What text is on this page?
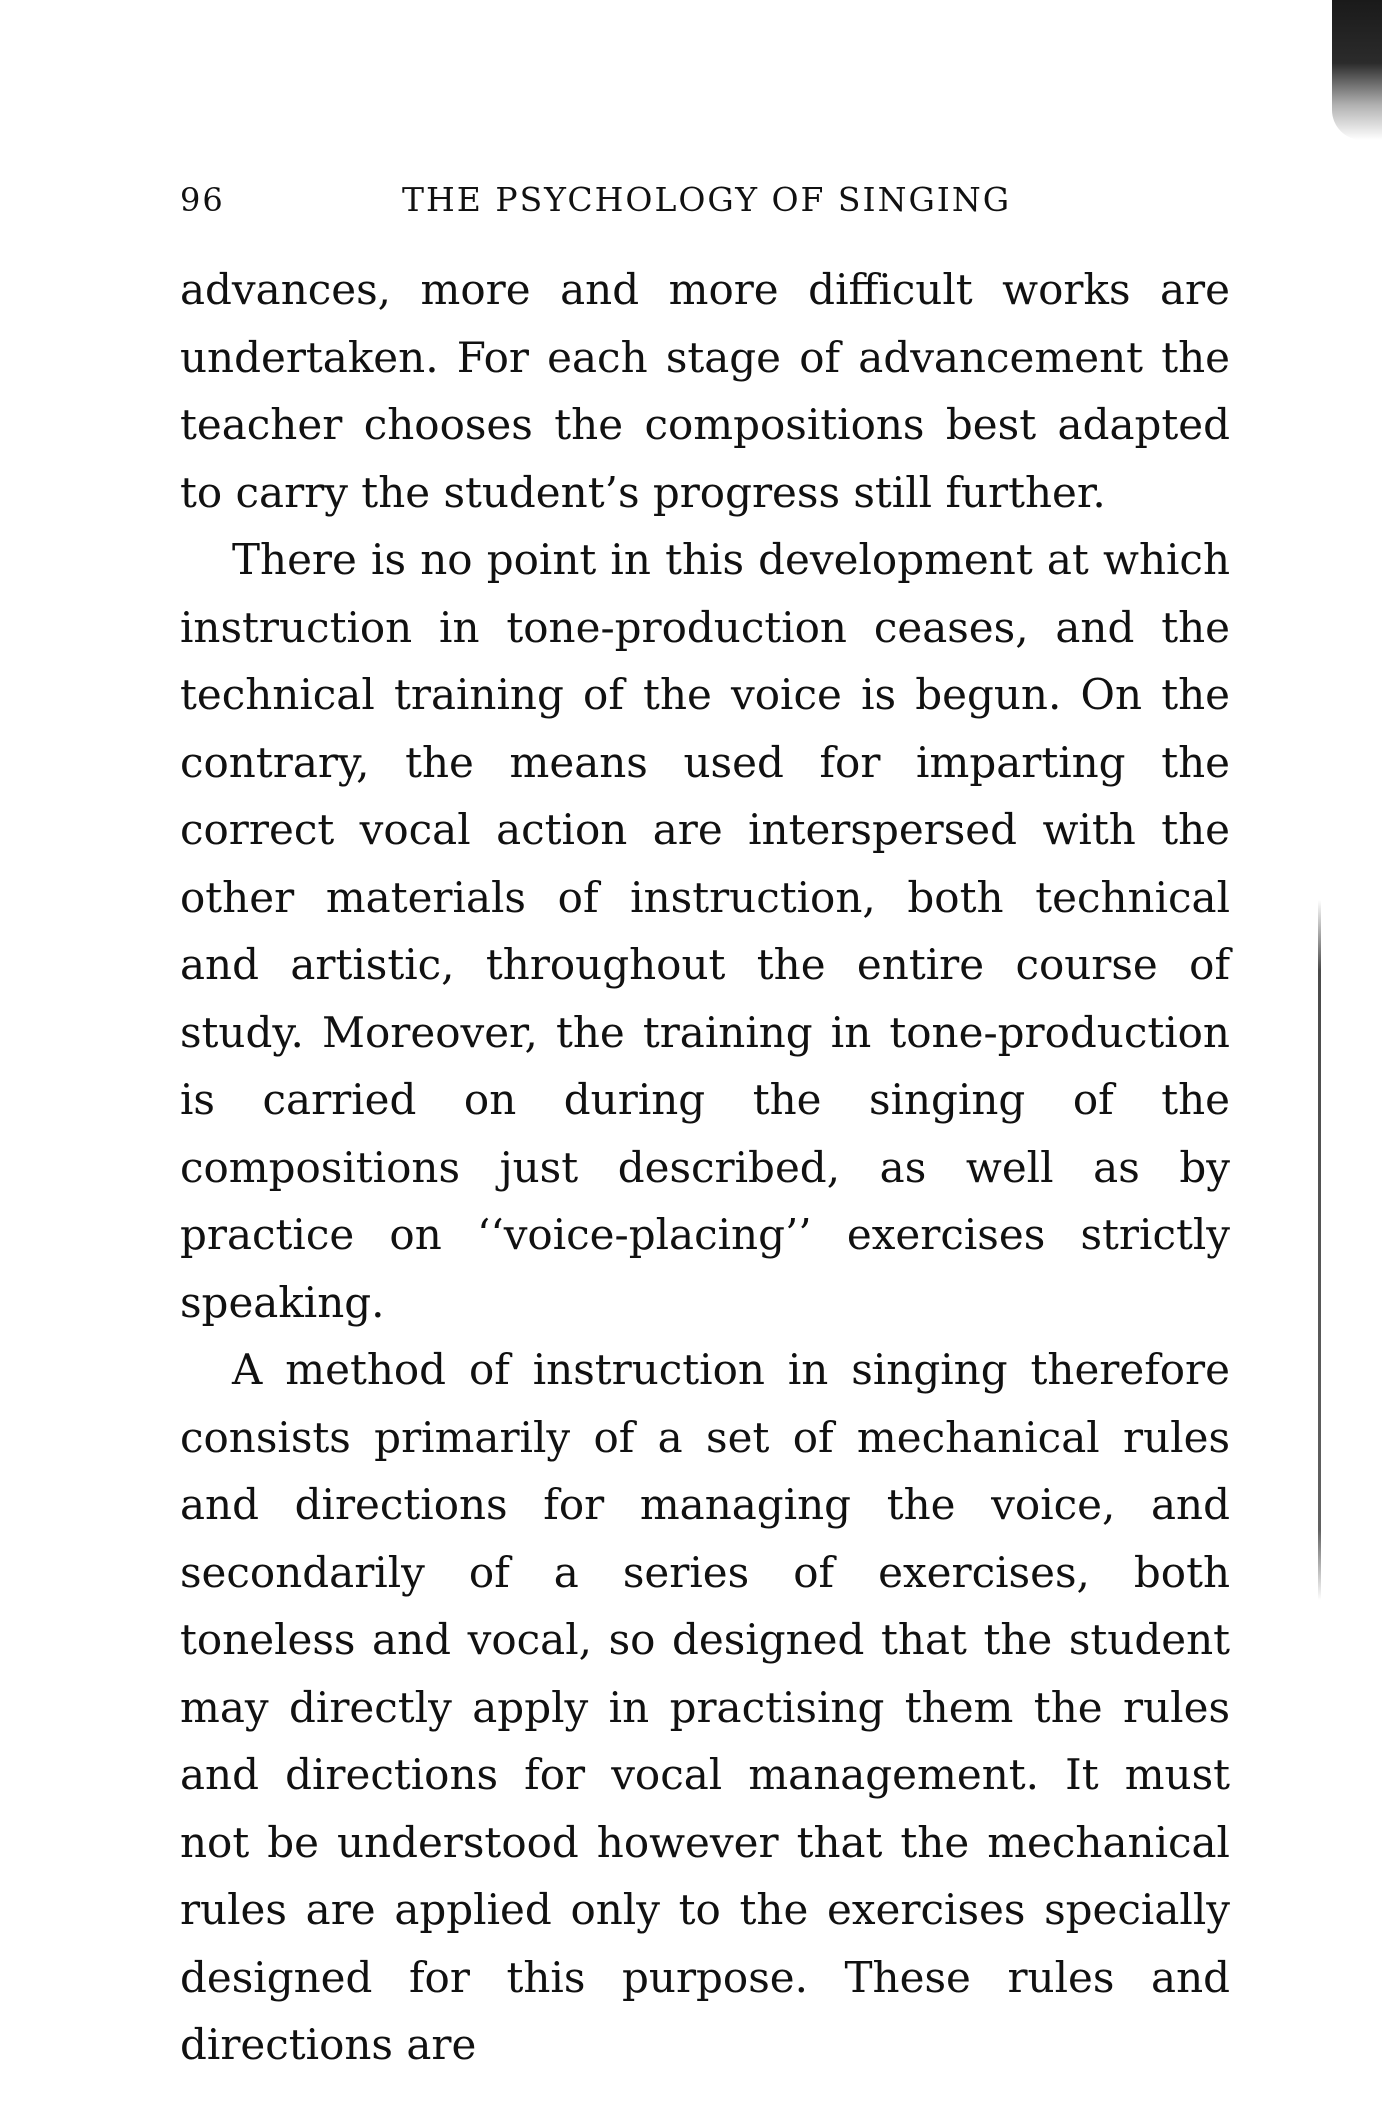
96	THE PSYCHOLOGY OF SINGING

advances, more and more difficult works are undertaken. For each stage of advancement the teacher chooses the compositions best adapted to carry the student’s progress still further.

There is no point in this development at which instruction in tone-production ceases, and the technical training of the voice is begun. On the contrary, the means used for imparting the correct vocal action are interspersed with the other materials of instruction, both technical and artistic, throughout the entire course of study. Moreover, the training in tone-production is carried on during the singing of the compositions just described, as well as by practice on ‘‘voice-placing’’ exercises strictly speaking.

A method of instruction in singing therefore consists primarily of a set of mechanical rules and directions for managing the voice, and secondarily of a series of exercises, both toneless and vocal, so designed that the student may directly apply in practising them the rules and directions for vocal management. It must not be understood however that the mechanical rules are applied only to the exercises specially designed for this purpose. These rules and directions are
